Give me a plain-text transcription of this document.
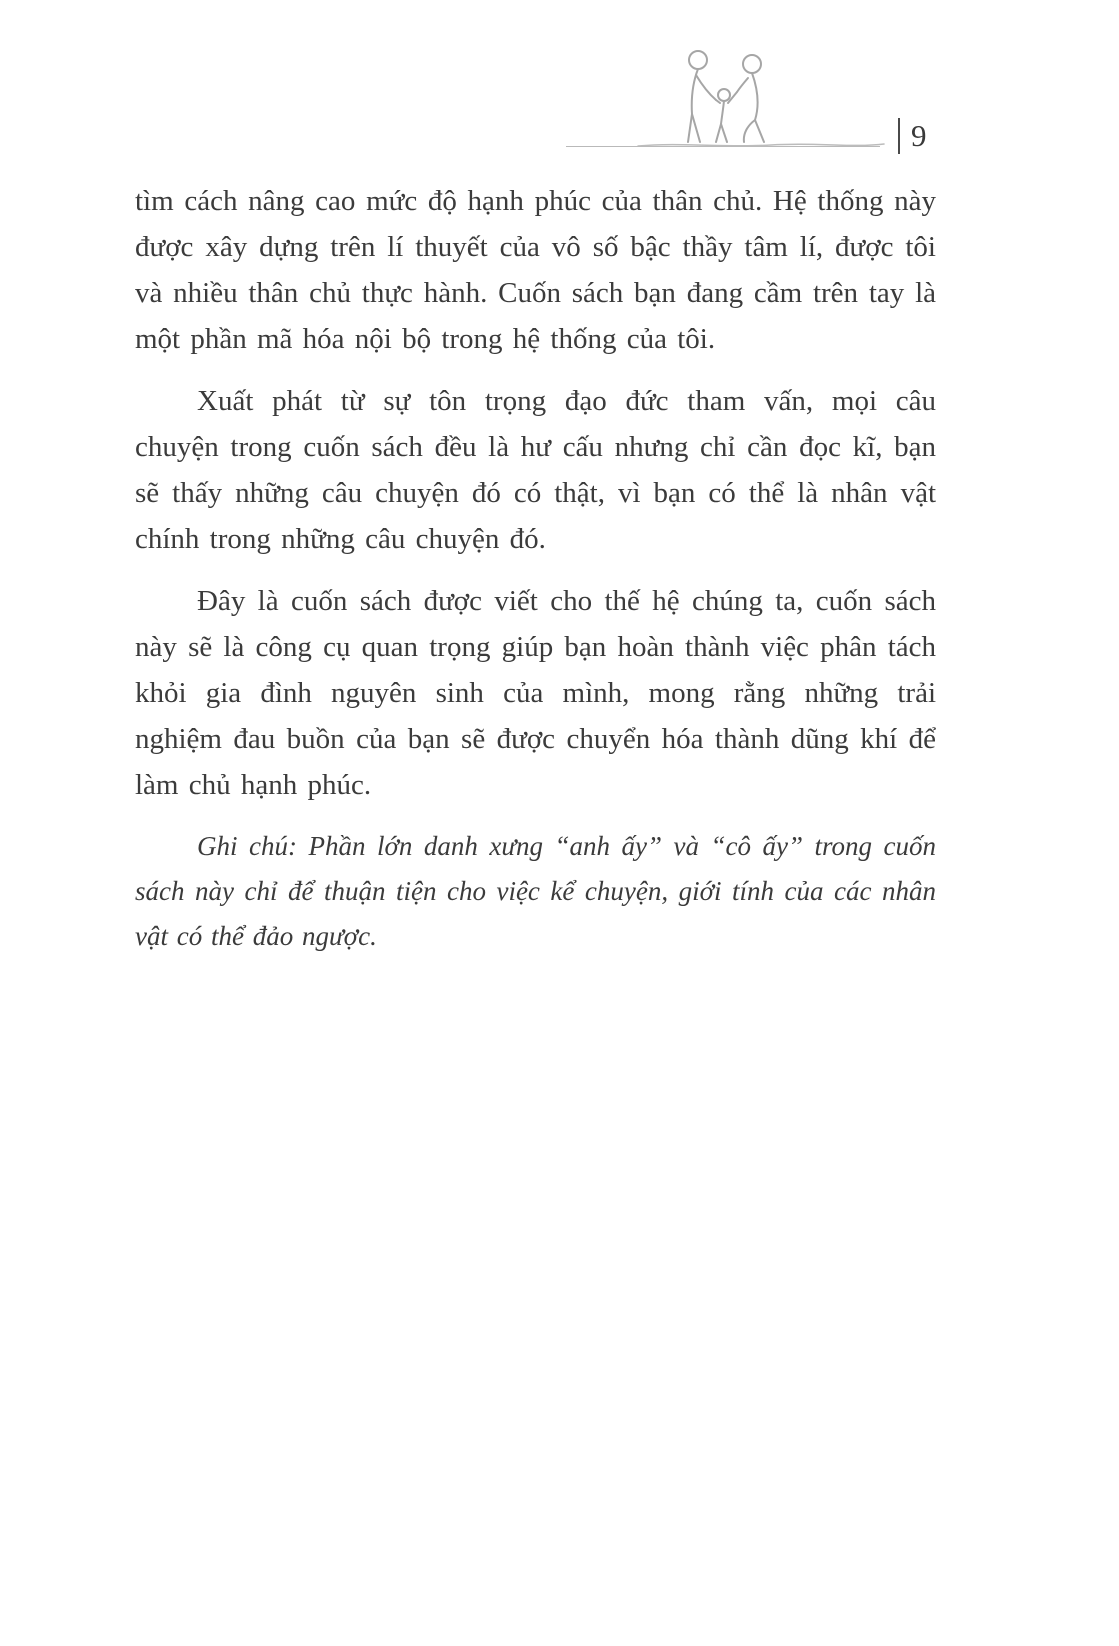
9

tìm cách nâng cao mức độ hạnh phúc của thân chủ. Hệ thống này được xây dựng trên lí thuyết của vô số bậc thầy tâm lí, được tôi và nhiều thân chủ thực hành. Cuốn sách bạn đang cầm trên tay là một phần mã hóa nội bộ trong hệ thống của tôi.

Xuất phát từ sự tôn trọng đạo đức tham vấn, mọi câu chuyện trong cuốn sách đều là hư cấu nhưng chỉ cần đọc kĩ, bạn sẽ thấy những câu chuyện đó có thật, vì bạn có thể là nhân vật chính trong những câu chuyện đó.

Đây là cuốn sách được viết cho thế hệ chúng ta, cuốn sách này sẽ là công cụ quan trọng giúp bạn hoàn thành việc phân tách khỏi gia đình nguyên sinh của mình, mong rằng những trải nghiệm đau buồn của bạn sẽ được chuyển hóa thành dũng khí để làm chủ hạnh phúc.

Ghi chú: Phần lớn danh xưng “anh ấy” và “cô ấy” trong cuốn sách này chỉ để thuận tiện cho việc kể chuyện, giới tính của các nhân vật có thể đảo ngược.
